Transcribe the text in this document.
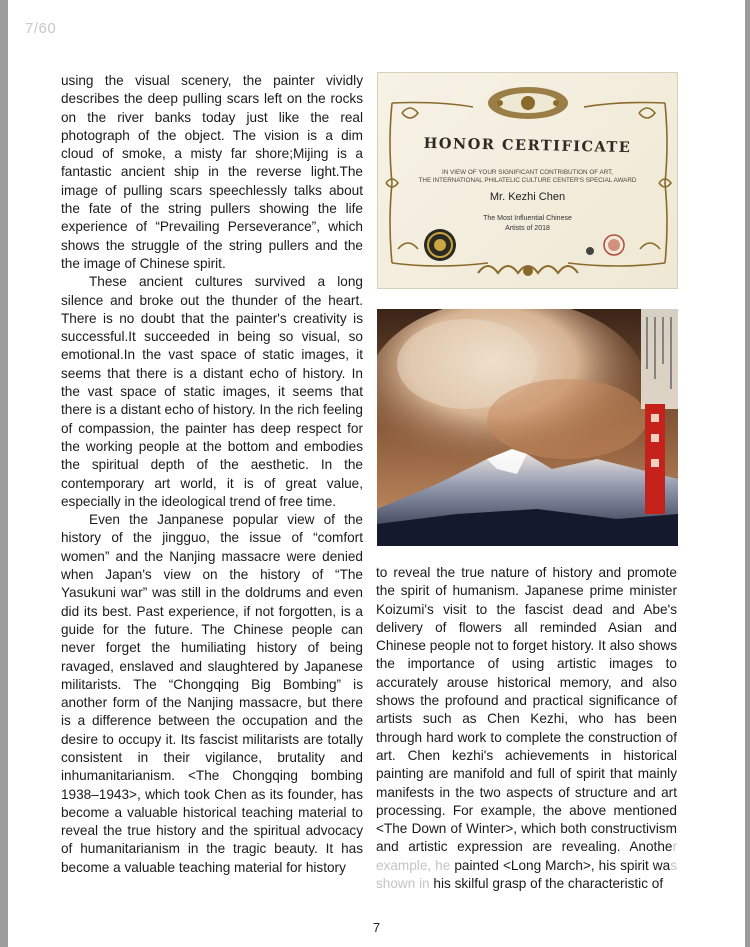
7/60

using the visual scenery, the painter vividly describes the deep pulling scars left on the rocks on the river banks today just like the real photograph of the object. The vision is a dim cloud of smoke, a misty far shore;Mijing is a fantastic ancient ship in the reverse light.The image of pulling scars speechlessly talks about the fate of the string pullers showing the life experience of “Prevailing Perseverance”, which shows the struggle of the string pullers and the the image of Chinese spirit.

These ancient cultures survived a long silence and broke out the thunder of the heart. There is no doubt that the painter's creativity is successful.It succeeded in being so visual, so emotional.In the vast space of static images, it seems that there is a distant echo of history. In the vast space of static images, it seems that there is a distant echo of history. In the rich feeling of compassion, the painter has deep respect for the working people at the bottom and embodies the spiritual depth of the aesthetic. In the contemporary art world, it is of great value, especially in the ideological trend of free time.

Even the Janpanese popular view of the history of the jingguo, the issue of “comfort women” and the Nanjing massacre were denied when Japan's view on the history of “The Yasukuni war” was still in the doldrums and even did its best. Past experience, if not forgotten, is a guide for the future. The Chinese people can never forget the humiliating history of being ravaged, enslaved and slaughtered by Japanese militarists. The “Chongqing Big Bombing” is another form of the Nanjing massacre, but there is a difference between the occupation and the desire to occupy it. Its fascist militarists are totally consistent in their vigilance, brutality and inhumanitarianism. <The Chongqing bombing 1938–1943>, which took Chen as its founder, has become a valuable historical teaching material to reveal the true history and the spiritual advocacy of humanitarianism in the tragic beauty. It has become a valuable teaching material for history

HONOR CERTIFICATE
IN VIEW OF YOUR SIGNIFICANT CONTRIBUTION OF ART,
THE INTERNATIONAL PHILATELIC CULTURE CENTER'S SPECIAL AWARD
Mr. Kezhi Chen
The Most Influential Chinese
Artists of 2018

to reveal the true nature of history and promote the spirit of humanism. Japanese prime minister Koizumi's visit to the fascist dead and Abe's delivery of flowers all reminded Asian and Chinese people not to forget history. It also shows the importance of using artistic images to accurately arouse historical memory, and also shows the profound and practical significance of artists such as Chen Kezhi, who has been through hard work to complete the construction of art. Chen kezhi's achievements in historical painting are manifold and full of spirit that mainly manifests in the two aspects of structure and art processing. For example, the above mentioned <The Down of Winter>, which both constructivism and artistic expression are revealing. Another example, he painted <Long March>, his spirit was shown in his skilful grasp of the characteristic of

7
